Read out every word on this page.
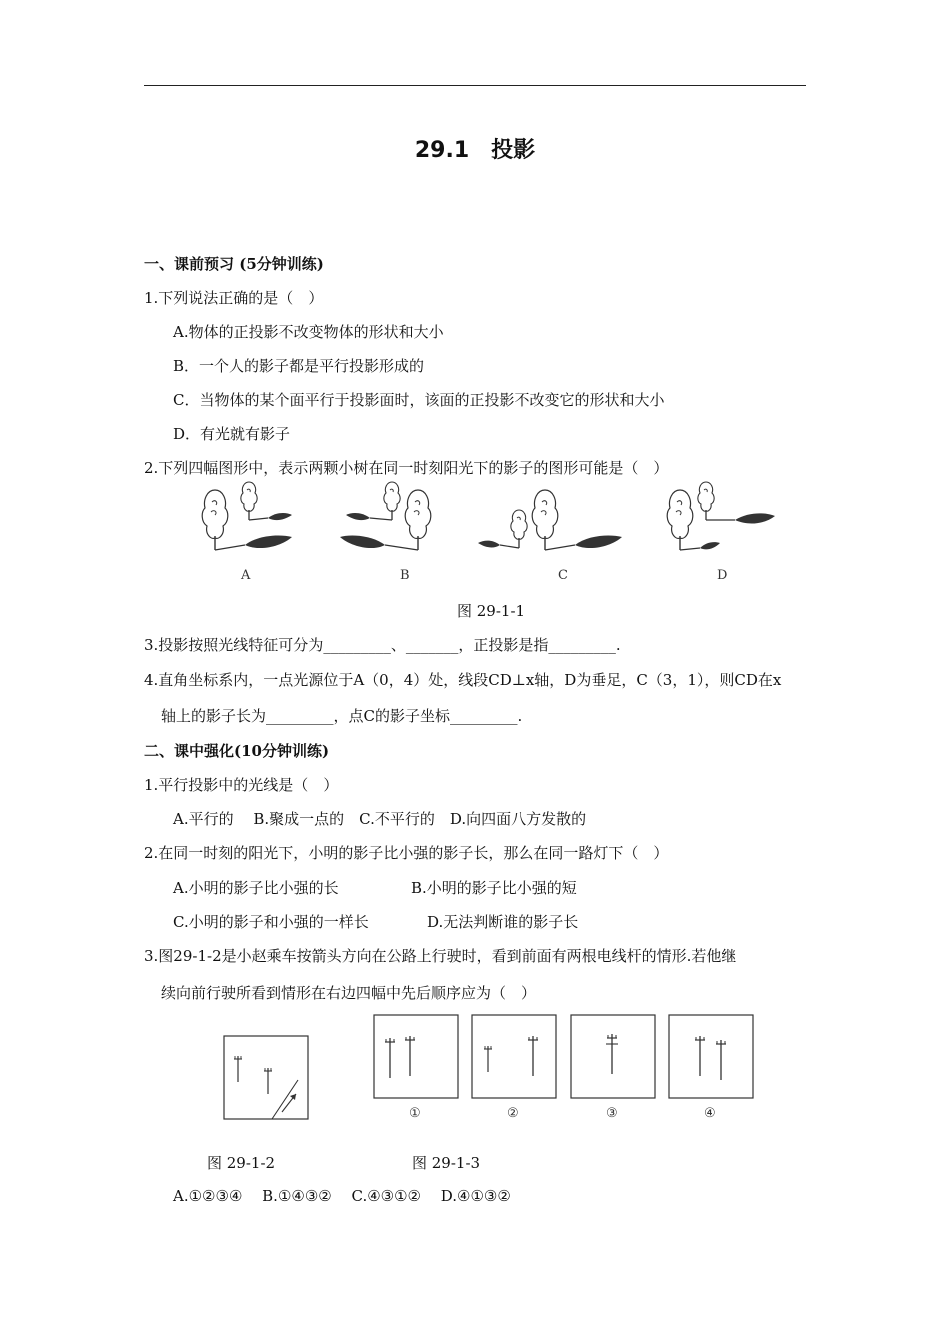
29.1　投影
一、课前预习 (5分钟训练)
1.下列说法正确的是（　）
A.物体的正投影不改变物体的形状和大小
B．一个人的影子都是平行投影形成的
C．当物体的某个面平行于投影面时，该面的正投影不改变它的形状和大小
D．有光就有影子
2.下列四幅图形中，表示两颗小树在同一时刻阳光下的影子的图形可能是（　）
A	B	C	D
图 29-1-1
3.投影按照光线特征可分为_________、_______，正投影是指_________.
4.直角坐标系内，一点光源位于A（0，4）处，线段CD⊥x轴，D为垂足，C（3，1），则CD在x
轴上的影子长为_________，点C的影子坐标_________.
二、课中强化(10分钟训练)
1.平行投影中的光线是（　）
A.平行的　 B.聚成一点的　C.不平行的　D.向四面八方发散的
2.在同一时刻的阳光下，小明的影子比小强的影子长，那么在同一路灯下（　）
A.小明的影子比小强的长	B.小明的影子比小强的短
C.小明的影子和小强的一样长	D.无法判断谁的影子长
3.图29-1-2是小赵乘车按箭头方向在公路上行驶时，看到前面有两根电线杆的情形.若他继
续向前行驶所看到情形在右边四幅中先后顺序应为（　）
①	②	③	④
图 29-1-2	图 29-1-3
A.①②③④　 B.①④③②　 C.④③①②　 D.④①③②
